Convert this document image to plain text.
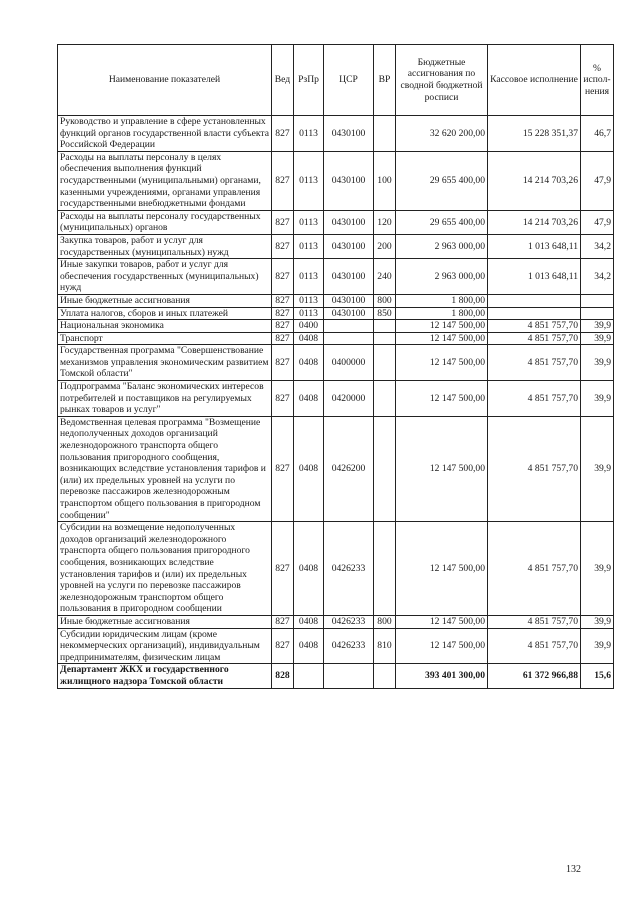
Наименование показателей	Вед	РзПр	ЦСР	ВР	Бюджетные ассигнования по сводной бюджетной росписи	Кассовое исполнение	% испол-нения
Руководство и управление в сфере установленных функций органов государственной власти субъекта Российской Федерации	827	0113	0430100		32 620 200,00	15 228 351,37	46,7
Расходы на выплаты персоналу в целях обеспечения выполнения функций государственными (муниципальными) органами, казенными учреждениями, органами управления государственными внебюджетными фондами	827	0113	0430100	100	29 655 400,00	14 214 703,26	47,9
Расходы на выплаты персоналу государственных (муниципальных) органов	827	0113	0430100	120	29 655 400,00	14 214 703,26	47,9
Закупка товаров, работ и услуг для государственных (муниципальных) нужд	827	0113	0430100	200	2 963 000,00	1 013 648,11	34,2
Иные закупки товаров, работ и услуг для обеспечения государственных (муниципальных) нужд	827	0113	0430100	240	2 963 000,00	1 013 648,11	34,2
Иные бюджетные ассигнования	827	0113	0430100	800	1 800,00		
Уплата налогов, сборов и иных платежей	827	0113	0430100	850	1 800,00		
Национальная экономика	827	0400			12 147 500,00	4 851 757,70	39,9
Транспорт	827	0408			12 147 500,00	4 851 757,70	39,9
Государственная программа "Совершенствование механизмов управления экономическим развитием Томской области"	827	0408	0400000		12 147 500,00	4 851 757,70	39,9
Подпрограмма "Баланс экономических интересов потребителей и поставщиков на регулируемых рынках товаров и услуг"	827	0408	0420000		12 147 500,00	4 851 757,70	39,9
Ведомственная целевая программа "Возмещение недополученных доходов организаций железнодорожного транспорта общего пользования пригородного сообщения, возникающих вследствие установления тарифов и (или) их предельных уровней на услуги по перевозке пассажиров железнодорожным транспортом общего пользования в пригородном сообщении"	827	0408	0426200		12 147 500,00	4 851 757,70	39,9
Субсидии на возмещение недополученных доходов организаций железнодорожного транспорта общего пользования пригородного сообщения, возникающих вследствие установления тарифов и (или) их предельных уровней на услуги по перевозке пассажиров железнодорожным транспортом общего пользования в пригородном сообщении	827	0408	0426233		12 147 500,00	4 851 757,70	39,9
Иные бюджетные ассигнования	827	0408	0426233	800	12 147 500,00	4 851 757,70	39,9
Субсидии юридическим лицам (кроме некоммерческих организаций), индивидуальным предпринимателям, физическим лицам	827	0408	0426233	810	12 147 500,00	4 851 757,70	39,9
Департамент ЖКХ и государственного жилищного надзора Томской области	828				393 401 300,00	61 372 966,88	15,6
132
